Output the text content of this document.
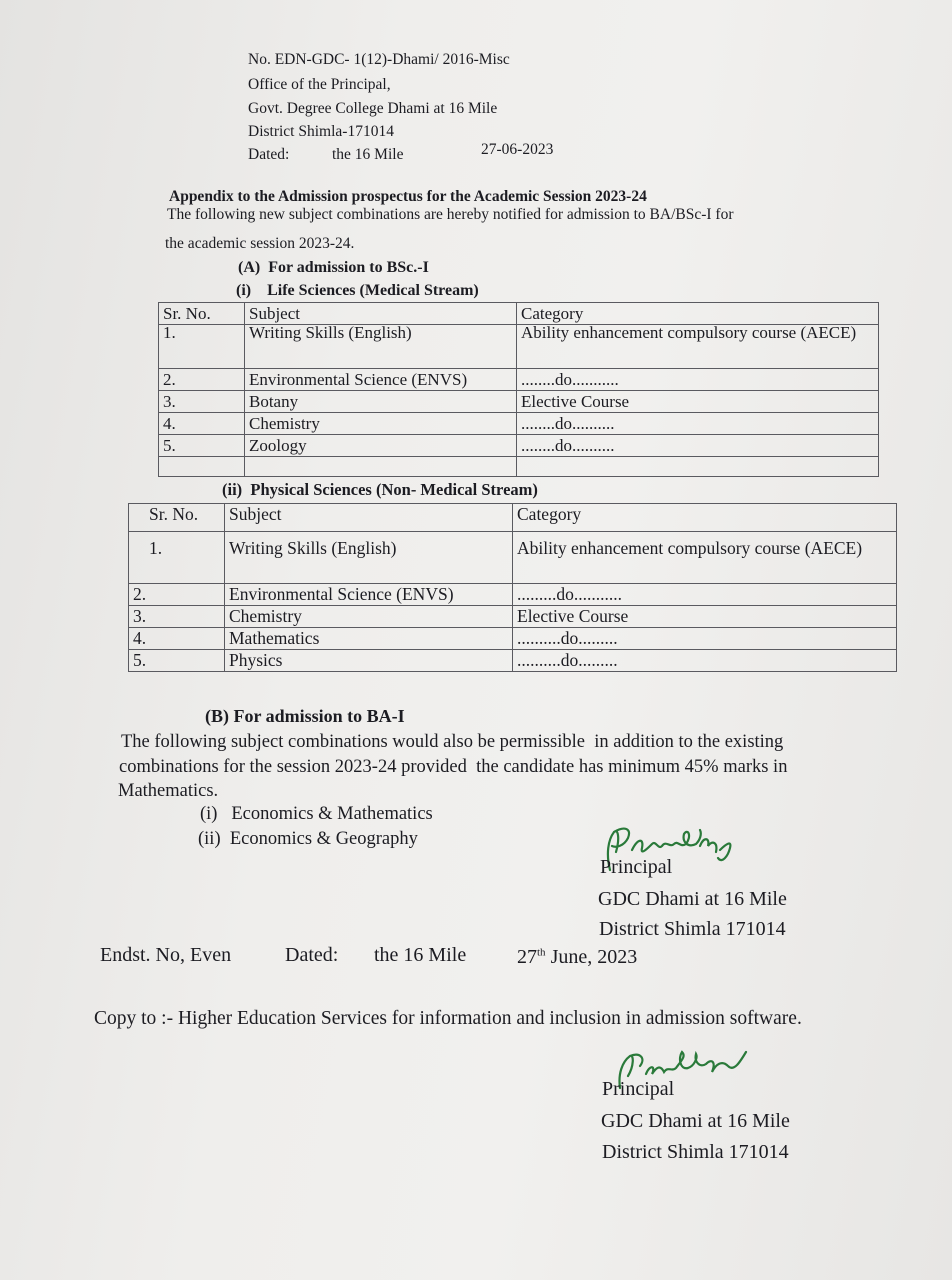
No. EDN-GDC- 1(12)-Dhami/ 2016-Misc
Office of the Principal,
Govt. Degree College Dhami at 16 Mile
District Shimla-171014
Dated:	the 16 Mile	27-06-2023
Appendix to the Admission prospectus for the Academic Session 2023-24
The following new subject combinations are hereby notified for admission to BA/BSc-I for
the academic session 2023-24.
(A)  For admission to BSc.-I
(i)    Life Sciences (Medical Stream)
Sr. No.	Subject	Category
1.	Writing Skills (English)	Ability enhancement compulsory course (AECE)
2.	Environmental Science (ENVS)	........do...........
3.	Botany	Elective Course
4.	Chemistry	........do..........
5.	Zoology	........do..........

(ii)  Physical Sciences (Non- Medical Stream)
Sr. No.	Subject	Category
1.	Writing Skills (English)	Ability enhancement compulsory course (AECE)
2.	Environmental Science (ENVS)	.........do...........
3.	Chemistry	Elective Course
4.	Mathematics	..........do.........
5.	Physics	..........do.........
(B) For admission to BA-I
The following subject combinations would also be permissible  in addition to the existing
combinations for the session 2023-24 provided  the candidate has minimum 45% marks in
Mathematics.
(i)   Economics & Mathematics
(ii)  Economics & Geography
Principal
GDC Dhami at 16 Mile
District Shimla 171014
Endst. No, Even	Dated: the 16 Mile	27th June, 2023
Copy to :- Higher Education Services for information and inclusion in admission software.
Principal
GDC Dhami at 16 Mile
District Shimla 171014
